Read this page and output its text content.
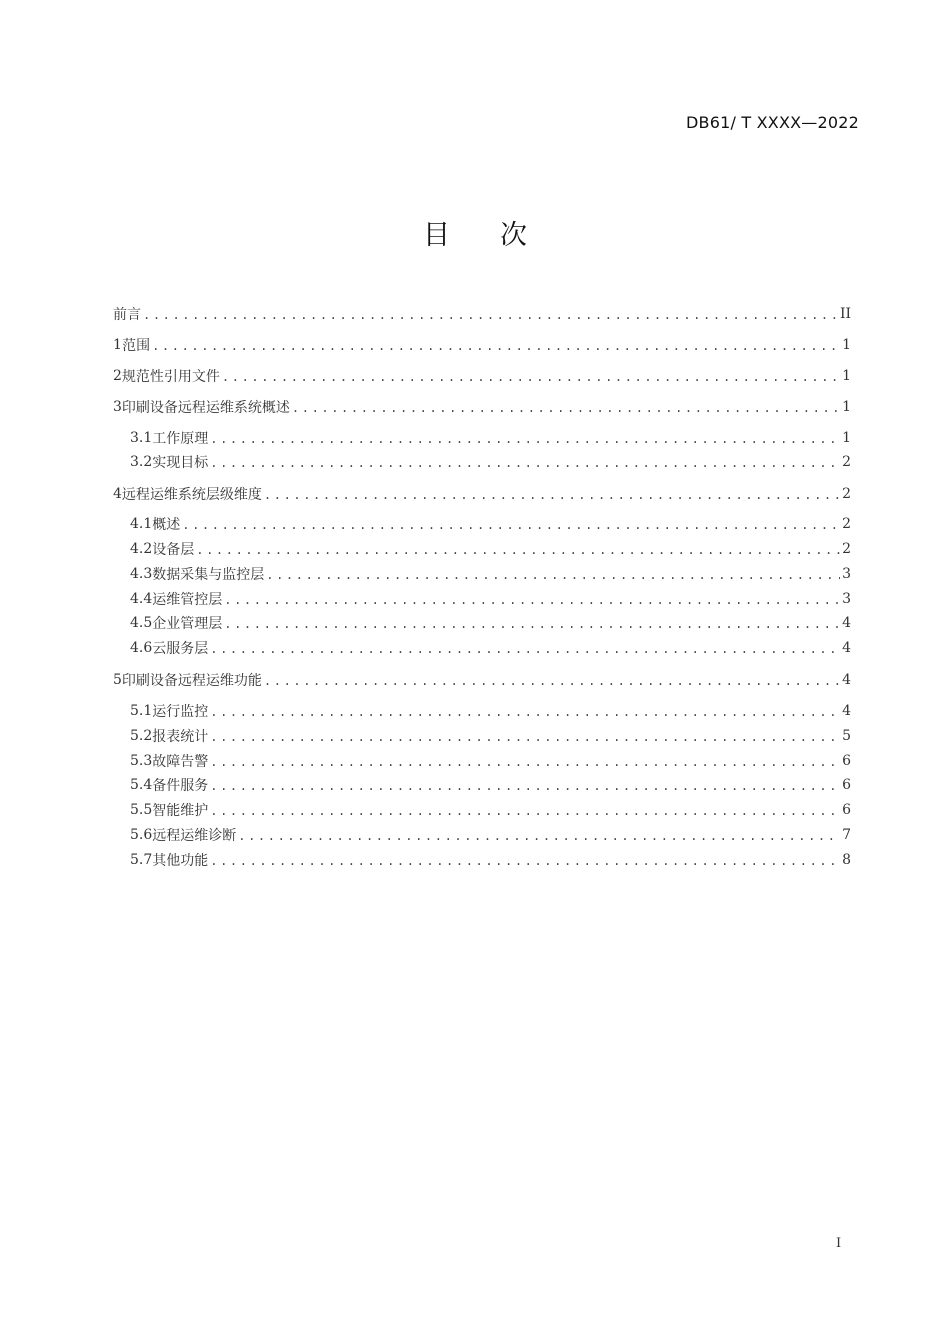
DB61/ T XXXX—2022
目 次
前言 .....	II
1 范围 .....	1
2 规范性引用文件 .....	1
3 印刷设备远程运维系统概述 .....	1
3.1 工作原理 .....	1
3.2 实现目标 .....	2
4 远程运维系统层级维度 .....	2
4.1 概述 .....	2
4.2 设备层 .....	2
4.3 数据采集与监控层 .....	3
4.4 运维管控层 .....	3
4.5 企业管理层 .....	4
4.6 云服务层 .....	4
5 印刷设备远程运维功能 .....	4
5.1 运行监控 .....	4
5.2 报表统计 .....	5
5.3 故障告警 .....	6
5.4 备件服务 .....	6
5.5 智能维护 .....	6
5.6 远程运维诊断 .....	7
5.7 其他功能 .....	8
I
